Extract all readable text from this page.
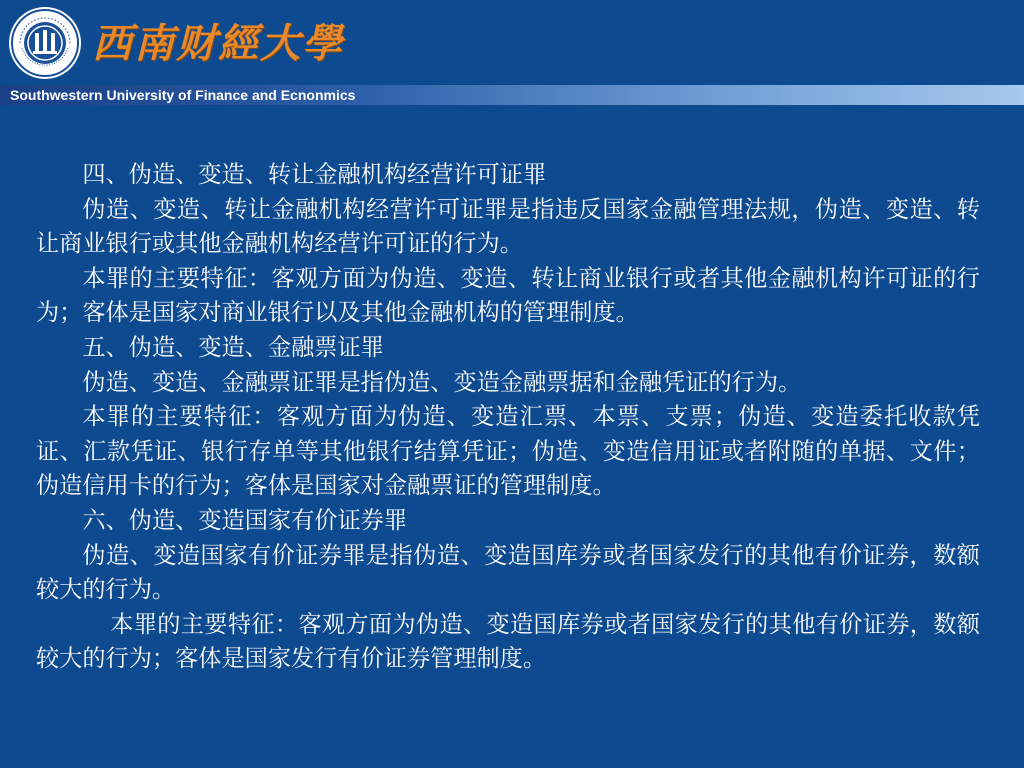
西南财經大學
Southwestern University of Finance and Ecnonmics

四、伪造、变造、转让金融机构经营许可证罪

伪造、变造、转让金融机构经营许可证罪是指违反国家金融管理法规，伪造、变造、转让商业银行或其他金融机构经营许可证的行为。

本罪的主要特征：客观方面为伪造、变造、转让商业银行或者其他金融机构许可证的行为；客体是国家对商业银行以及其他金融机构的管理制度。

五、伪造、变造、金融票证罪

伪造、变造、金融票证罪是指伪造、变造金融票据和金融凭证的行为。

本罪的主要特征：客观方面为伪造、变造汇票、本票、支票；伪造、变造委托收款凭证、汇款凭证、银行存单等其他银行结算凭证；伪造、变造信用证或者附随的单据、文件；伪造信用卡的行为；客体是国家对金融票证的管理制度。

六、伪造、变造国家有价证券罪

伪造、变造国家有价证券罪是指伪造、变造国库券或者国家发行的其他有价证券，数额较大的行为。

本罪的主要特征：客观方面为伪造、变造国库券或者国家发行的其他有价证券，数额较大的行为；客体是国家发行有价证券管理制度。
